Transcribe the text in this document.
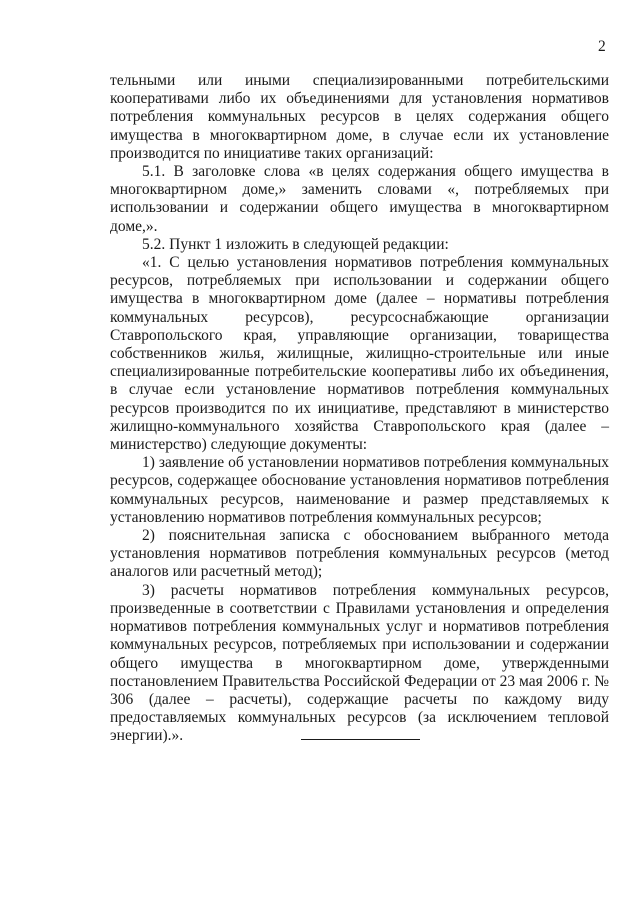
2

тельными или иными специализированными потребительскими кооперативами либо их объединениями для установления нормативов потребления коммунальных ресурсов в целях содержания общего имущества в многоквартирном доме, в случае если их установление производится по инициативе таких организаций:

5.1. В заголовке слова «в целях содержания общего имущества в многоквартирном доме,» заменить словами «, потребляемых при использовании и содержании общего имущества в многоквартирном доме,».

5.2. Пункт 1 изложить в следующей редакции:

«1. С целью установления нормативов потребления коммунальных ресурсов, потребляемых при использовании и содержании общего имущества в многоквартирном доме (далее – нормативы потребления коммунальных ресурсов), ресурсоснабжающие организации Ставропольского края, управляющие организации, товарищества собственников жилья, жилищные, жилищно-строительные или иные специализированные потребительские кооперативы либо их объединения, в случае если установление нормативов потребления коммунальных ресурсов производится по их инициативе, представляют в министерство жилищно-коммунального хозяйства Ставропольского края (далее – министерство) следующие документы:

1) заявление об установлении нормативов потребления коммунальных ресурсов, содержащее обоснование установления нормативов потребления коммунальных ресурсов, наименование и размер представляемых к установлению нормативов потребления коммунальных ресурсов;

2) пояснительная записка с обоснованием выбранного метода установления нормативов потребления коммунальных ресурсов (метод аналогов или расчетный метод);

3) расчеты нормативов потребления коммунальных ресурсов, произведенные в соответствии с Правилами установления и определения нормативов потребления коммунальных услуг и нормативов потребления коммунальных ресурсов, потребляемых при использовании и содержании общего имущества в многоквартирном доме, утвержденными постановлением Правительства Российской Федерации от 23 мая 2006 г. № 306 (далее – расчеты), содержащие расчеты по каждому виду предоставляемых коммунальных ресурсов (за исключением тепловой энергии).».
